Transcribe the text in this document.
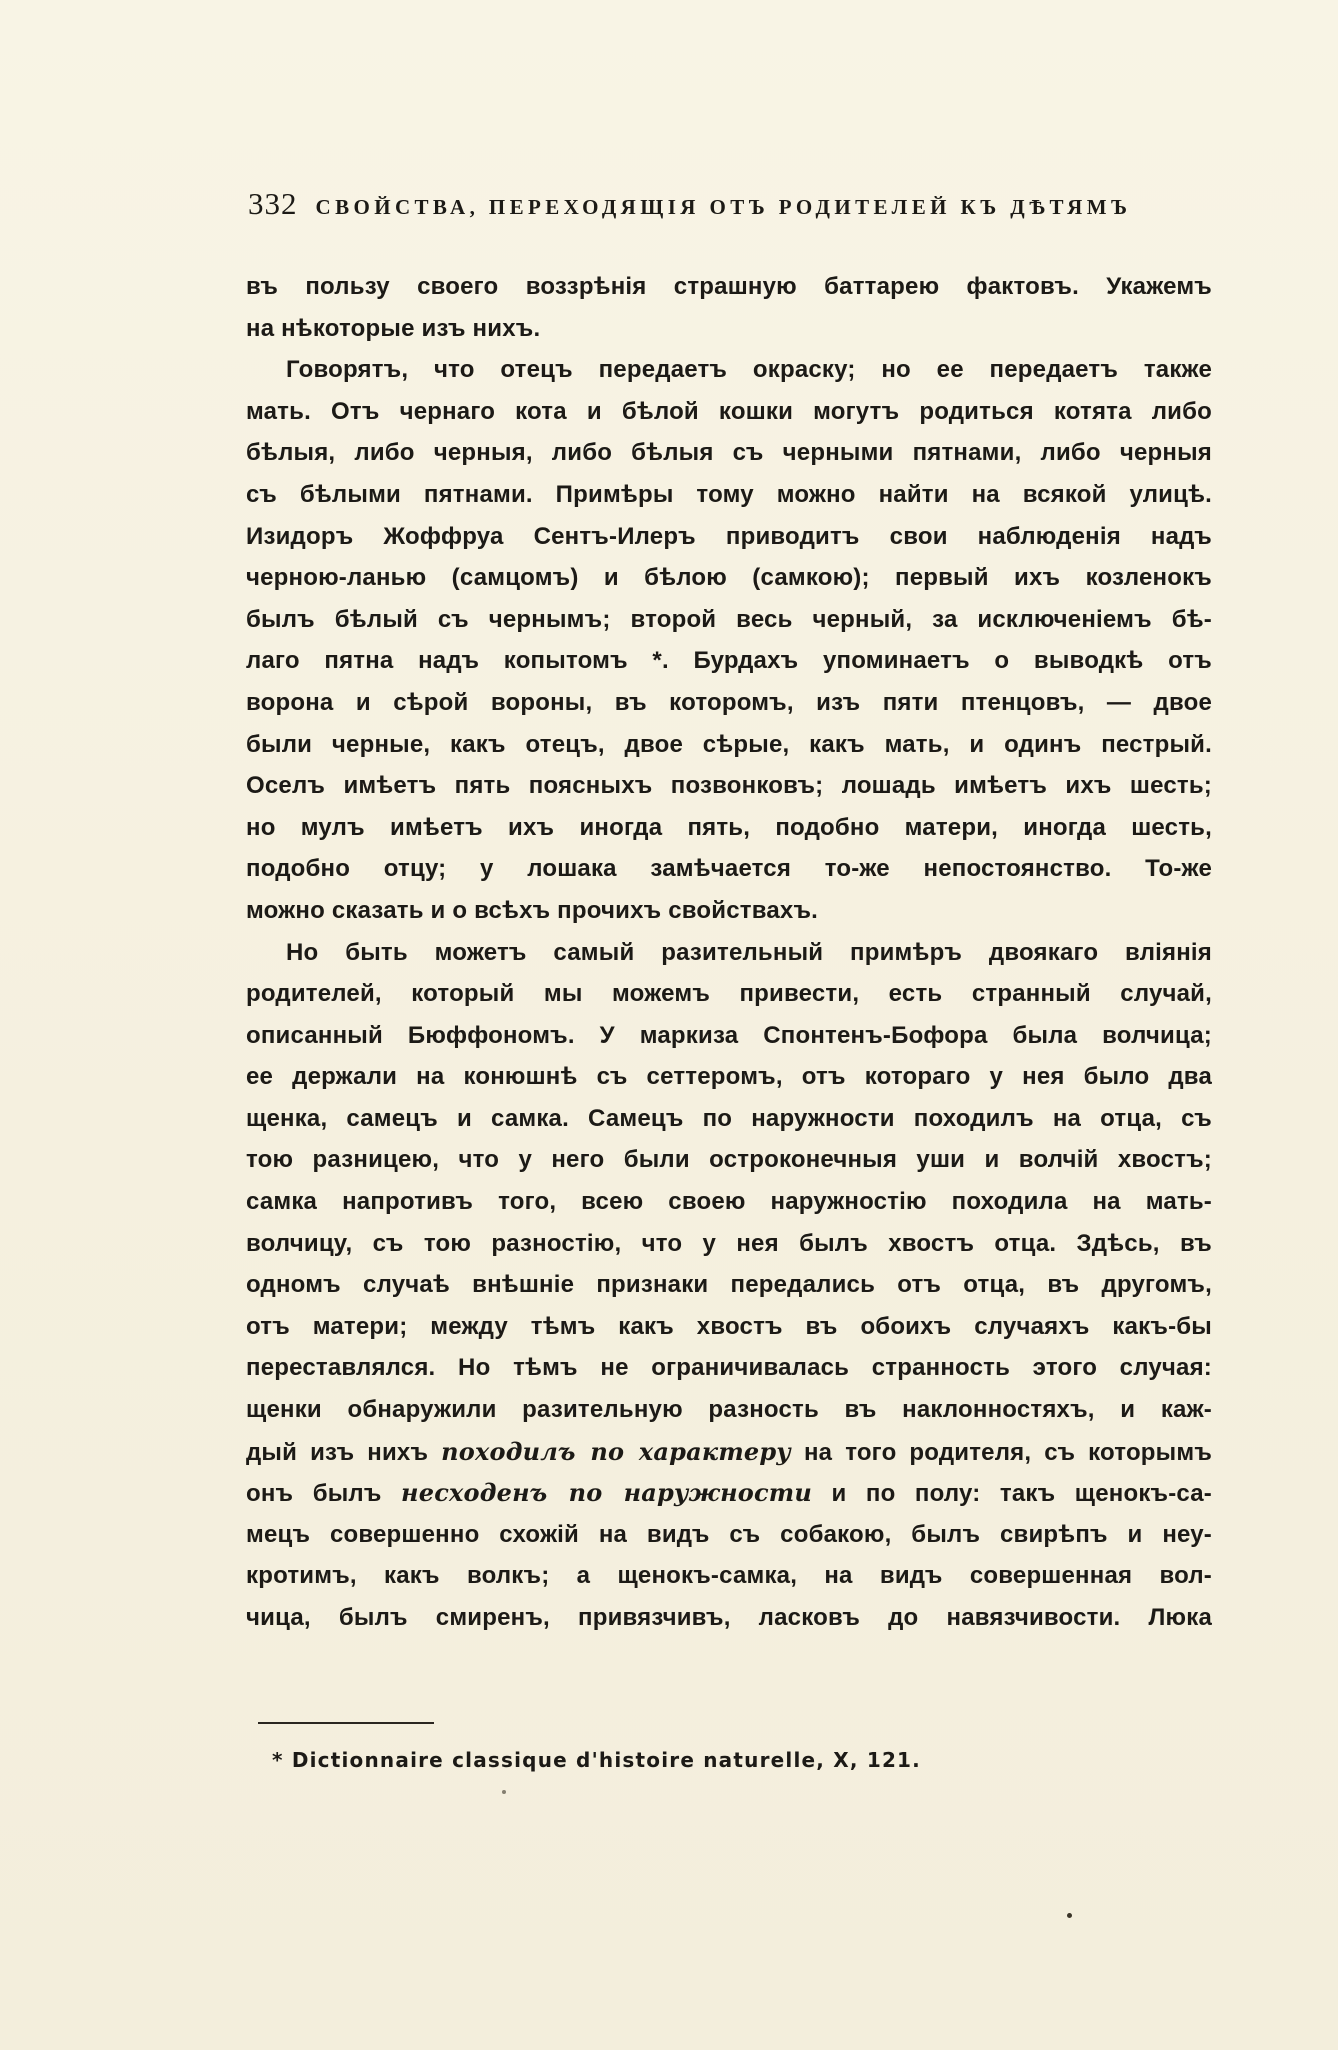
332 СВОЙСТВА, ПЕРЕХОДЯЩІЯ ОТЪ РОДИТЕЛЕЙ КЪ ДѢТЯМЪ
въ пользу своего воззрѣнія страшную баттарею фактовъ. Укажемъ
на нѣкоторые изъ нихъ.
Говорятъ, что отецъ передаетъ окраску; но ее передаетъ также
мать. Отъ чернаго кота и бѣлой кошки могутъ родиться котята либо
бѣлыя, либо черныя, либо бѣлыя съ черными пятнами, либо черныя
съ бѣлыми пятнами. Примѣры тому можно найти на всякой улицѣ.
Изидоръ Жоффруа Сентъ-Илеръ приводитъ свои наблюденія надъ
черною-ланью (самцомъ) и бѣлою (самкою); первый ихъ козленокъ
былъ бѣлый съ чернымъ; второй весь черный, за исключеніемъ бѣ-
лаго пятна надъ копытомъ *. Бурдахъ упоминаетъ о выводкѣ отъ
ворона и сѣрой вороны, въ которомъ, изъ пяти птенцовъ, — двое
были черные, какъ отецъ, двое сѣрые, какъ мать, и одинъ пестрый.
Оселъ имѣетъ пять поясныхъ позвонковъ; лошадь имѣетъ ихъ шесть;
но мулъ имѣетъ ихъ иногда пять, подобно матери, иногда шесть,
подобно отцу; у лошака замѣчается то-же непостоянство. То-же
можно сказать и о всѣхъ прочихъ свойствахъ.
Но быть можетъ самый разительный примѣръ двоякаго вліянія
родителей, который мы можемъ привести, есть странный случай,
описанный Бюффономъ. У маркиза Спонтенъ-Бофора была волчица;
ее держали на конюшнѣ съ сеттеромъ, отъ котораго у нея было два
щенка, самецъ и самка. Самецъ по наружности походилъ на отца, съ
тою разницею, что у него были остроконечныя уши и волчій хвостъ;
самка напротивъ того, всею своею наружностію походила на мать-
волчицу, съ тою разностію, что у нея былъ хвостъ отца. Здѣсь, въ
одномъ случаѣ внѣшніе признаки передались отъ отца, въ другомъ,
отъ матери; между тѣмъ какъ хвостъ въ обоихъ случаяхъ какъ-бы
переставлялся. Но тѣмъ не ограничивалась странность этого случая:
щенки обнаружили разительную разность въ наклонностяхъ, и каж-
дый изъ нихъ походилъ по характеру на того родителя, съ которымъ
онъ былъ несходенъ по наружности и по полу: такъ щенокъ-са-
мецъ совершенно схожій на видъ съ собакою, былъ свирѣпъ и неу-
кротимъ, какъ волкъ; а щенокъ-самка, на видъ совершенная вол-
чица, былъ смиренъ, привязчивъ, ласковъ до навязчивости. Люка
* Dictionnaire classique d'histoire naturelle, X, 121.
